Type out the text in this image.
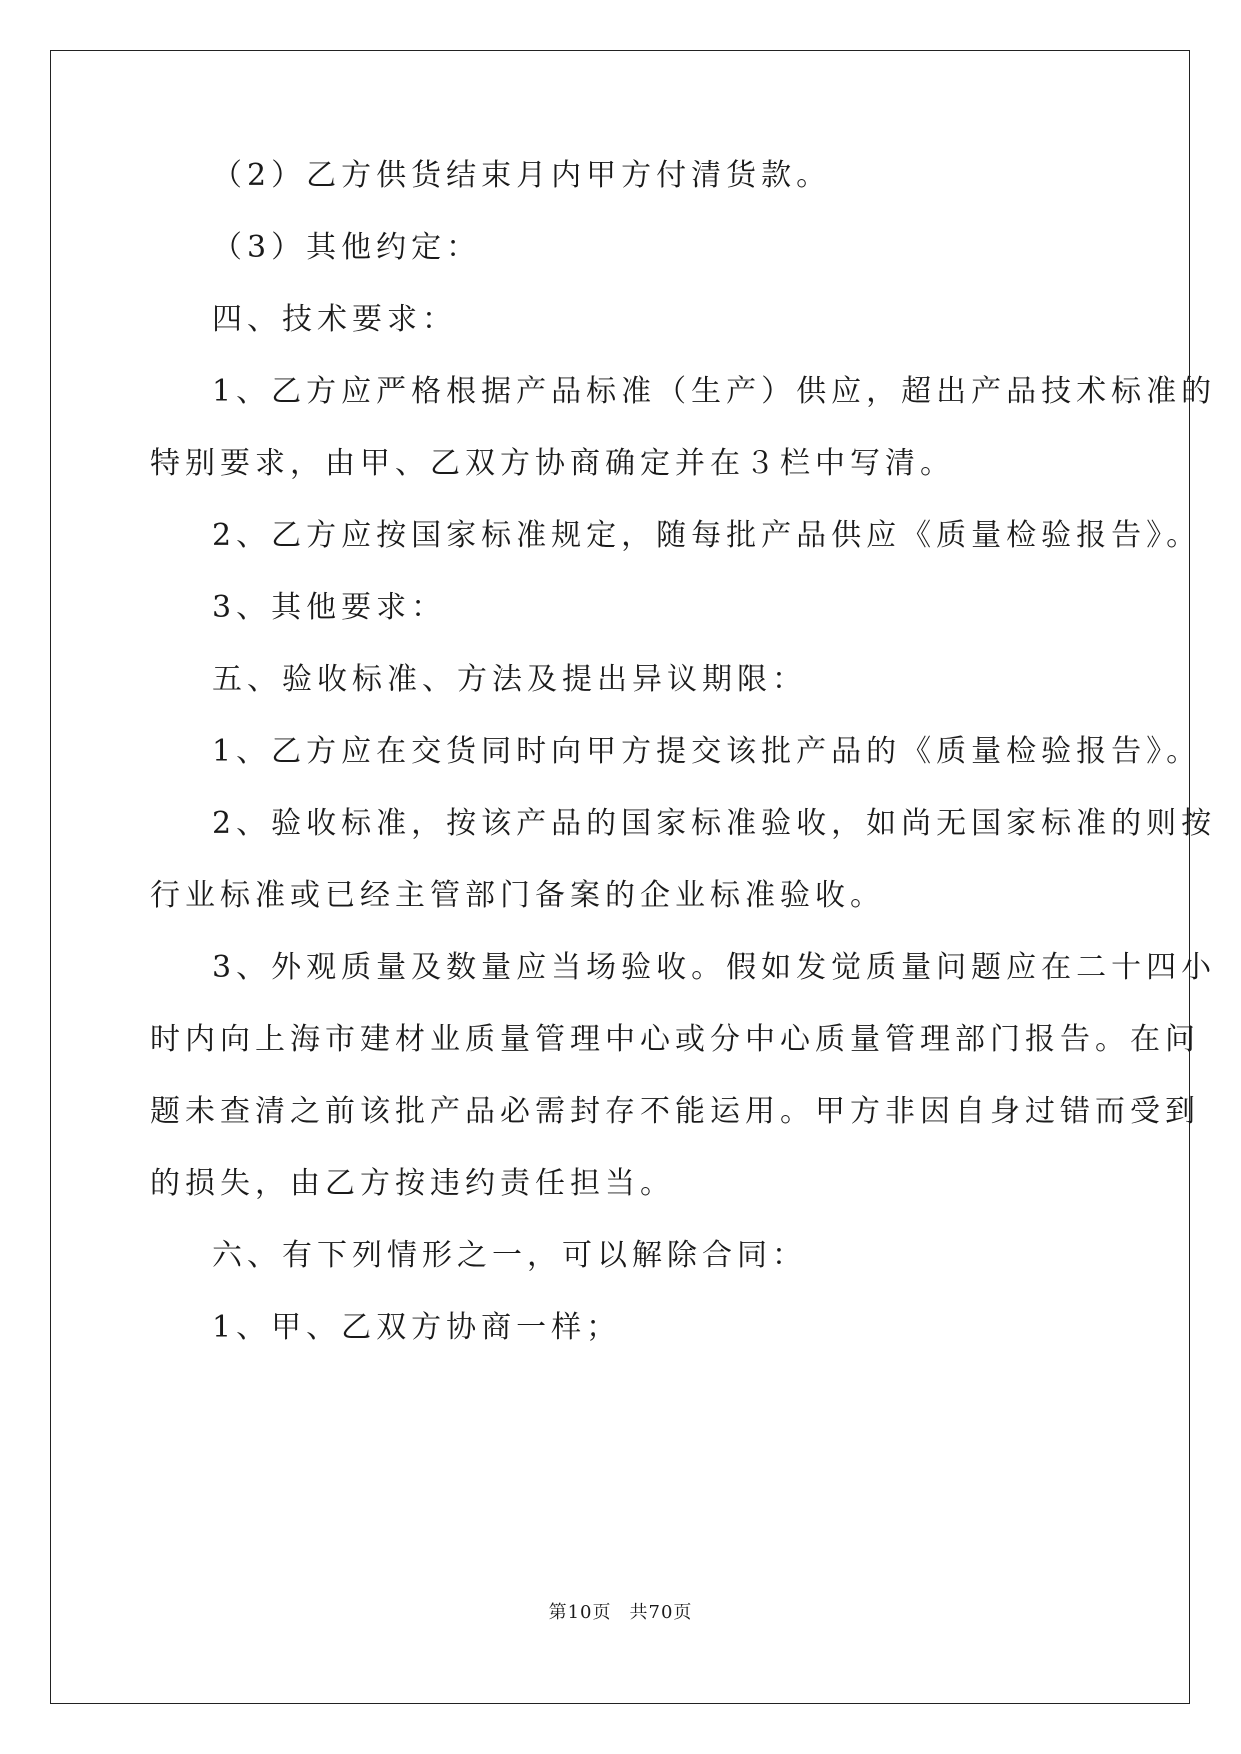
（2）乙方供货结束月内甲方付清货款。
（3）其他约定：
四、技术要求：
1、乙方应严格根据产品标准（生产）供应，超出产品技术标准的
特别要求，由甲、乙双方协商确定并在３栏中写清。
2、乙方应按国家标准规定，随每批产品供应《质量检验报告》。
3、其他要求：
五、验收标准、方法及提出异议期限：
1、乙方应在交货同时向甲方提交该批产品的《质量检验报告》。
2、验收标准，按该产品的国家标准验收，如尚无国家标准的则按
行业标准或已经主管部门备案的企业标准验收。
3、外观质量及数量应当场验收。假如发觉质量问题应在二十四小
时内向上海市建材业质量管理中心或分中心质量管理部门报告。在问
题未查清之前该批产品必需封存不能运用。甲方非因自身过错而受到
的损失，由乙方按违约责任担当。
六、有下列情形之一，可以解除合同：
1、甲、乙双方协商一样；
第10页 共70页
